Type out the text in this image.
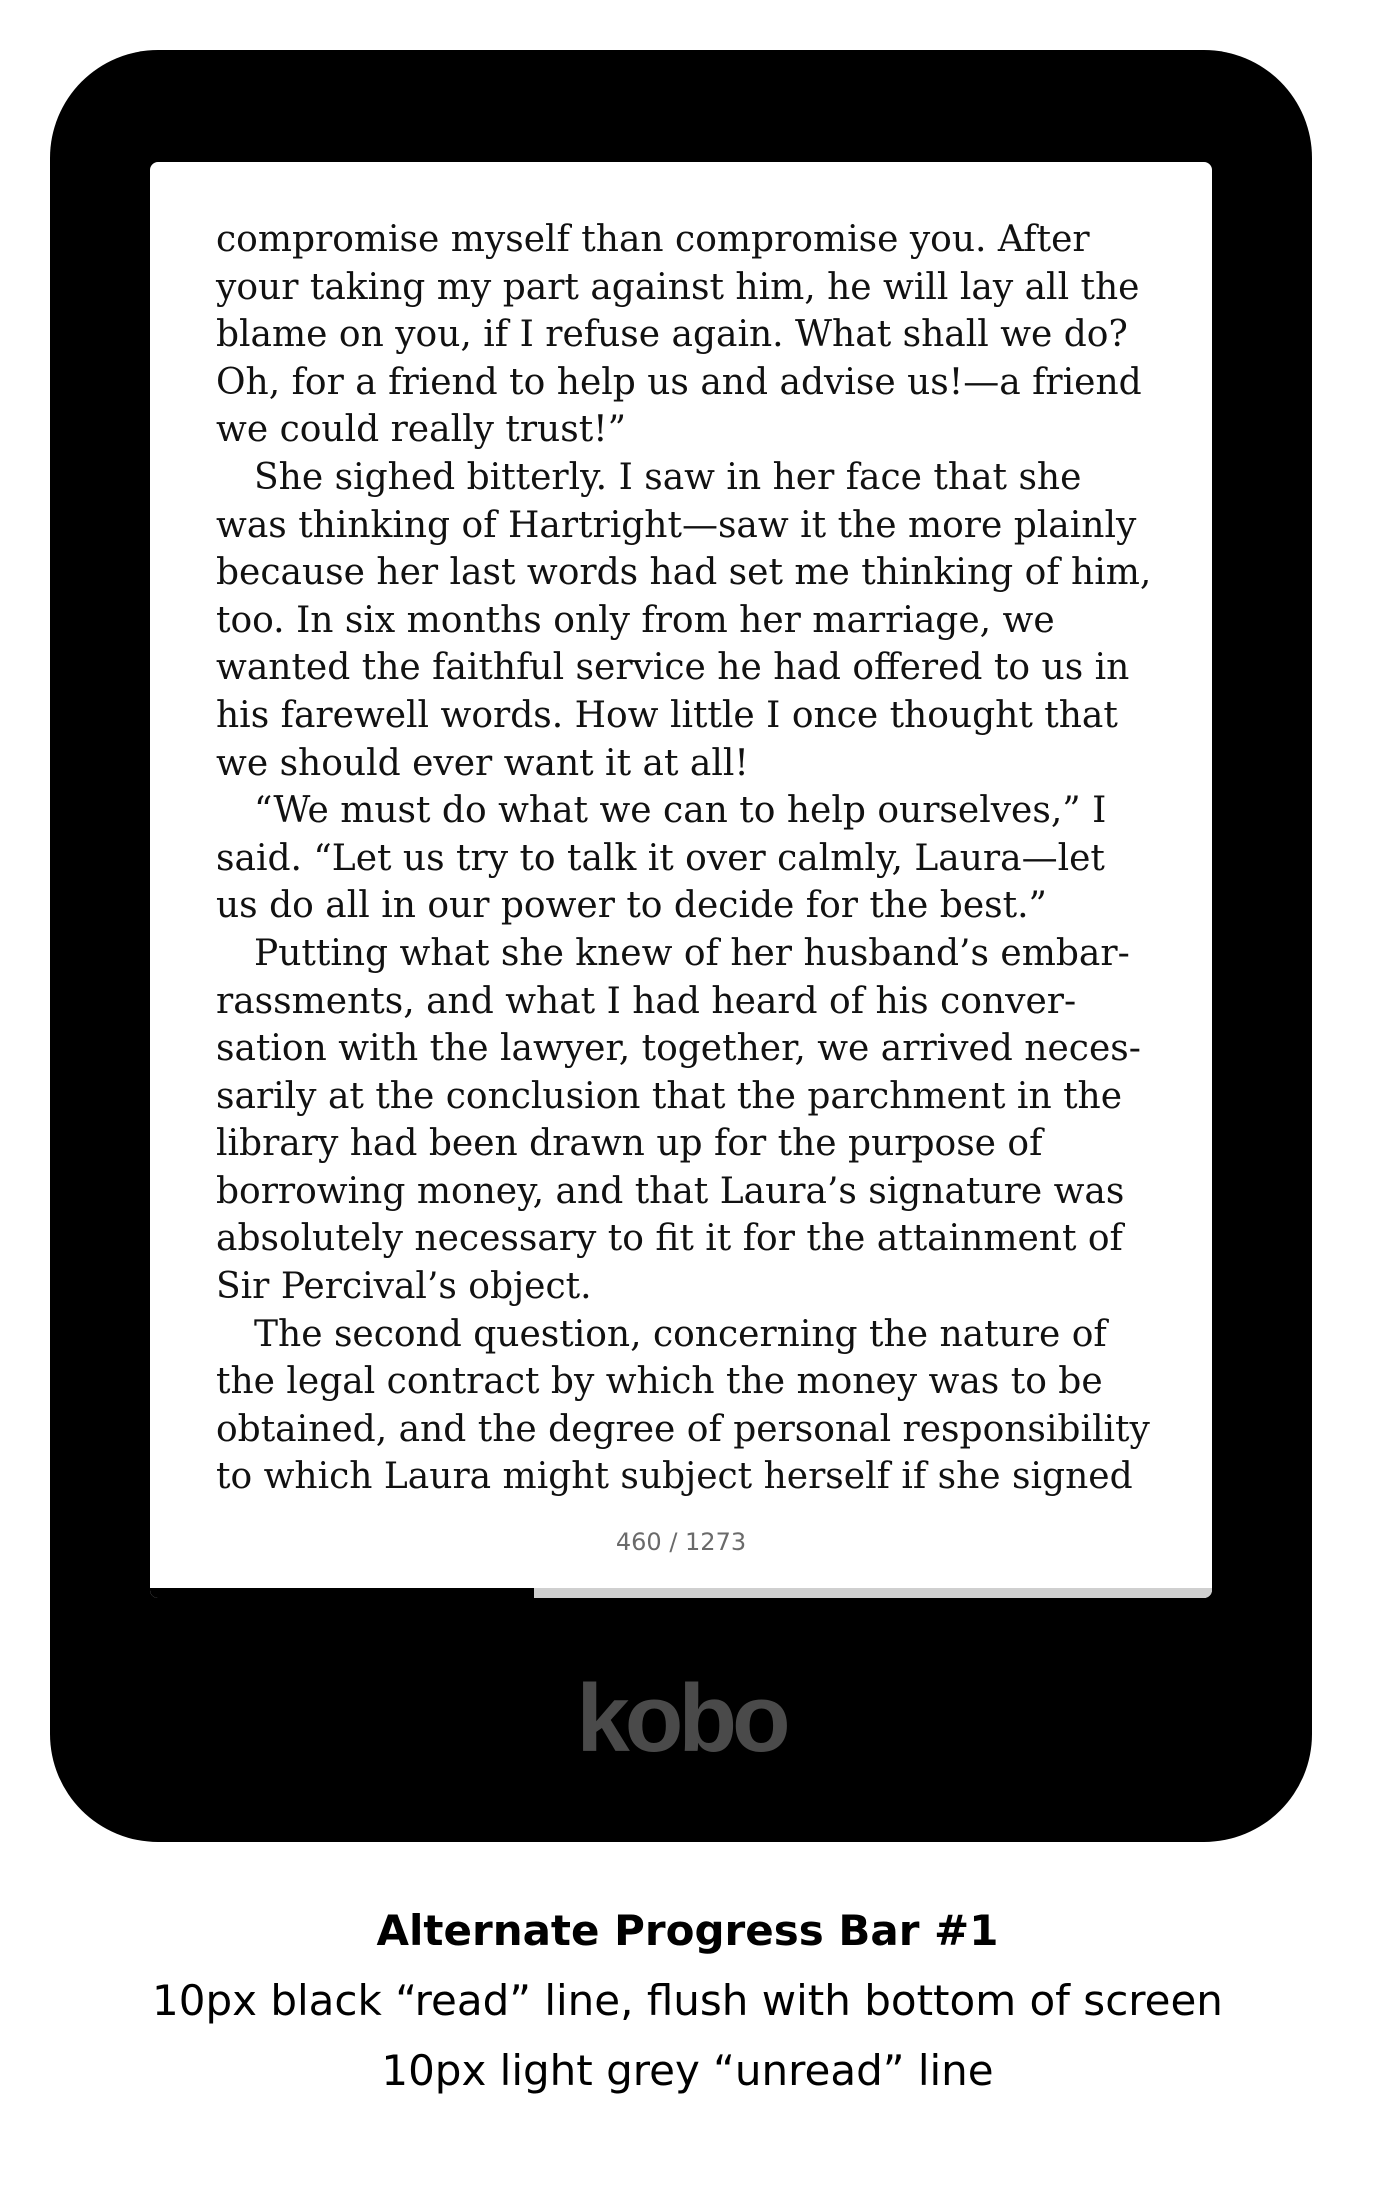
compromise myself than compromise you. After your taking my part against him, he will lay all the blame on you, if I refuse again. What shall we do? Oh, for a friend to help us and advise us!—a friend we could really trust!”

She sighed bitterly. I saw in her face that she was thinking of Hartright—saw it the more plainly because her last words had set me thinking of him, too. In six months only from her marriage, we wanted the faithful service he had offered to us in his farewell words. How little I once thought that we should ever want it at all!

“We must do what we can to help ourselves,” I said. “Let us try to talk it over calmly, Laura—let us do all in our power to decide for the best.”

Putting what she knew of her husband’s embarrassments, and what I had heard of his conversation with the lawyer, together, we arrived necessarily at the conclusion that the parchment in the library had been drawn up for the purpose of borrowing money, and that Laura’s signature was absolutely necessary to fit it for the attainment of Sir Percival’s object.

The second question, concerning the nature of the legal contract by which the money was to be obtained, and the degree of personal responsibility to which Laura might subject herself if she signed

460 / 1273
kobo
Alternate Progress Bar #1
10px black “read” line, flush with bottom of screen
10px light grey “unread” line
